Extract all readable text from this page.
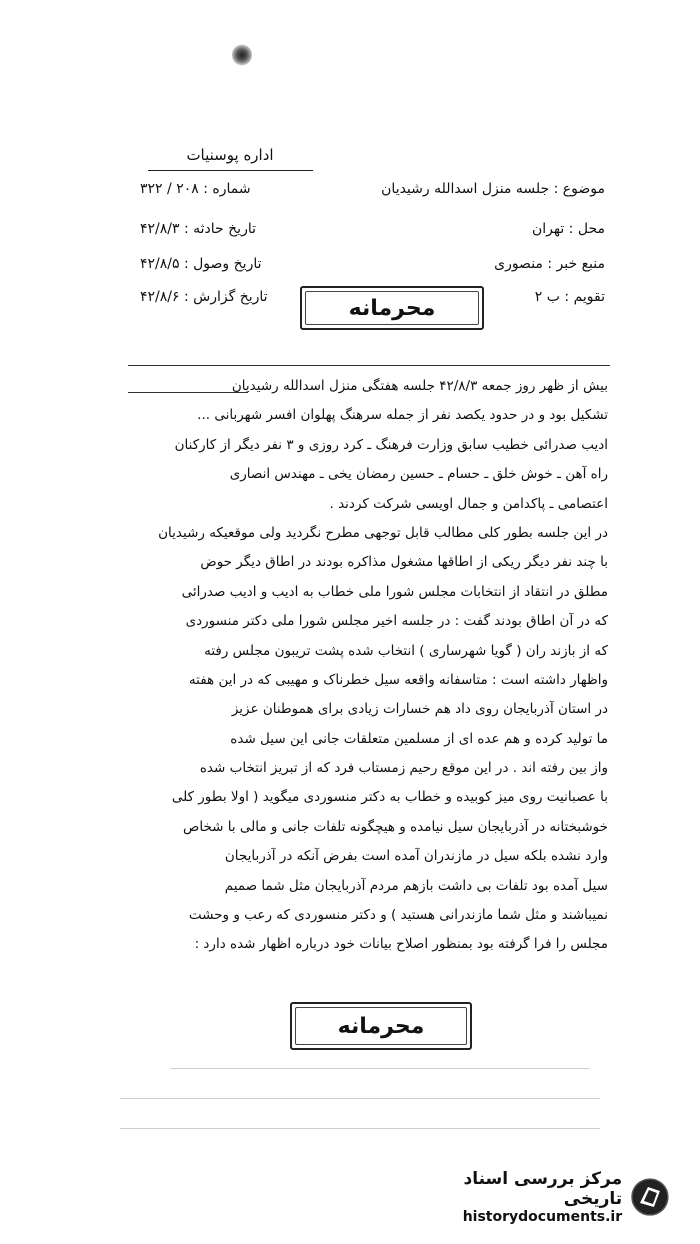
اداره پوسنیات
موضوع : جلسه منزل اسدالله رشیدیان
محل : تهران
منبع خبر : منصوری
تقویم : ب ۲
شماره : ۲۰۸ / ۳۲۲
تاریخ حادثه : ۴۲/۸/۳
تاریخ وصول : ۴۲/۸/۵
تاریخ گزارش : ۴۲/۸/۶	محرمانه
بیش از ظهر روز جمعه ۴۲/۸/۳ جلسه هفتگی منزل اسدالله رشیدیان
تشکیل بود و در حدود یکصد نفر از جمله سرهنگ پهلوان افسر شهربانی ...
ادیب صدرائی خطیب سابق وزارت فرهنگ ـ کرد روزی و ۳ نفر دیگر از کارکنان
راه آهن ـ خوش خلق ـ حسام ـ حسین رمضان یخی ـ مهندس انصاری
اعتصامی ـ پاکدامن و جمال اویسی شرکت کردند .
در این جلسه بطور کلی مطالب قابل توجهی مطرح نگردید ولی موقعیکه رشیدیان
با چند نفر دیگر ریکی از اطاقها مشغول مذاکره بودند در اطاق دیگر حوض
مطلق در انتقاد از انتخابات مجلس شورا ملی خطاب به ادیب و ادیب صدرائی
که در آن اطاق بودند گفت : در جلسه اخیر مجلس شورا ملی دکتر منسوردی
که از بازند ران ( گویا شهرساری ) انتخاب شده پشت تریبون مجلس رفته
واظهار داشته است : متاسفانه واقعه سیل خطرناک و مهیبی که در این هفته
در استان آذربایجان روی داد هم خسارات زیادی برای هموطنان عزیز
ما تولید کرده و هم عده ای از مسلمین متعلقات جانی این سیل شده
واز بین رفته اند . در این موقع رحیم زمستاب فرد که از تبریز انتخاب شده
با عصبانیت روی میز کوبیده و خطاب به دکتر منسوردی میگوید ( اولا بطور کلی
خوشبختانه در آذربایجان سیل نیامده و هیچگونه تلفات جانی و مالی با شخاص
وارد نشده بلکه سیل در مازندران آمده است بفرض آنکه در آذربایجان
سیل آمده بود تلفات بی داشت بازهم مردم آذربایجان مثل شما صمیم
نمیباشند و مثل شما مازندرانی هستید ) و دکتر منسوردی که رعب و وحشت
مجلس را فرا گرفته بود بمنظور اصلاح بیانات خود درباره اظهار شده دارد :
محرمانه
مرکز بررسی اسناد تاریخی
historydocuments.ir
